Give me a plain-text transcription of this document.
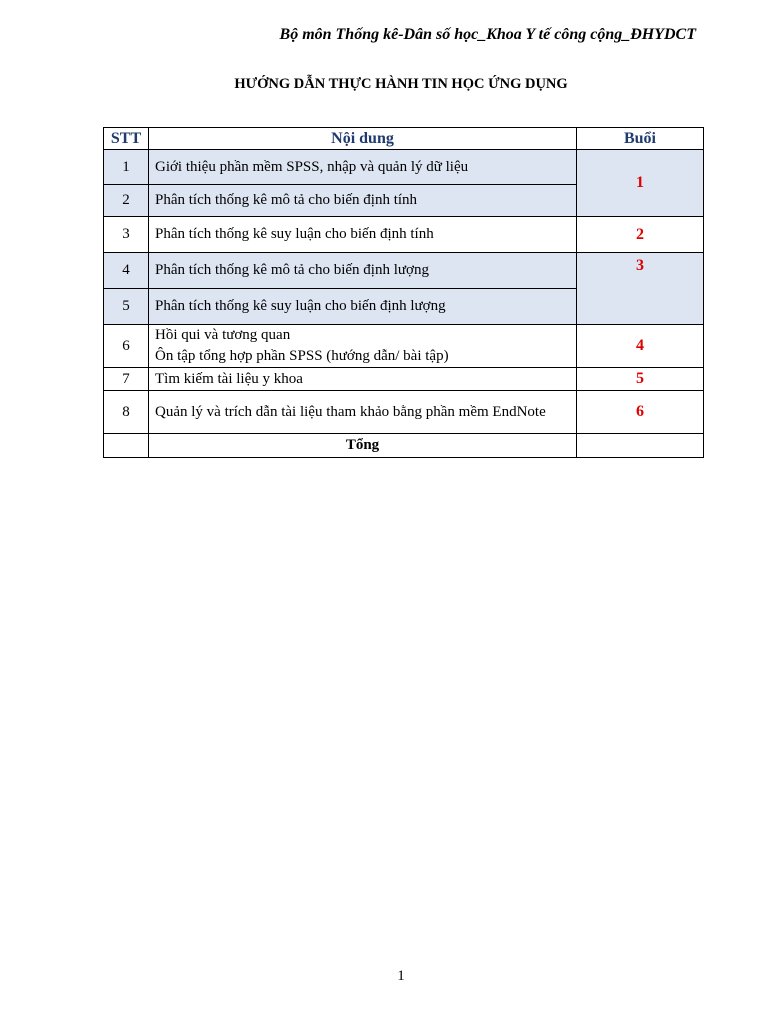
Bộ môn Thống kê-Dân số học_Khoa Y tế công cộng_ĐHYDCT
HƯỚNG DẪN THỰC HÀNH TIN HỌC ỨNG DỤNG
STT	Nội dung	Buổi
1	Giới thiệu phần mềm SPSS, nhập và quản lý dữ liệu	1
2	Phân tích thống kê mô tả cho biến định tính	
3	Phân tích thống kê suy luận cho biến định tính	2
4	Phân tích thống kê mô tả cho biến định lượng	3
5	Phân tích thống kê suy luận cho biến định lượng	
6	Hồi qui và tương quan
Ôn tập tổng hợp phần SPSS (hướng dẫn/ bài tập)	4
7	Tìm kiếm tài liệu y khoa	5
8	Quản lý và trích dẫn tài liệu tham khảo bằng phần mềm EndNote	6
	Tổng	
1
